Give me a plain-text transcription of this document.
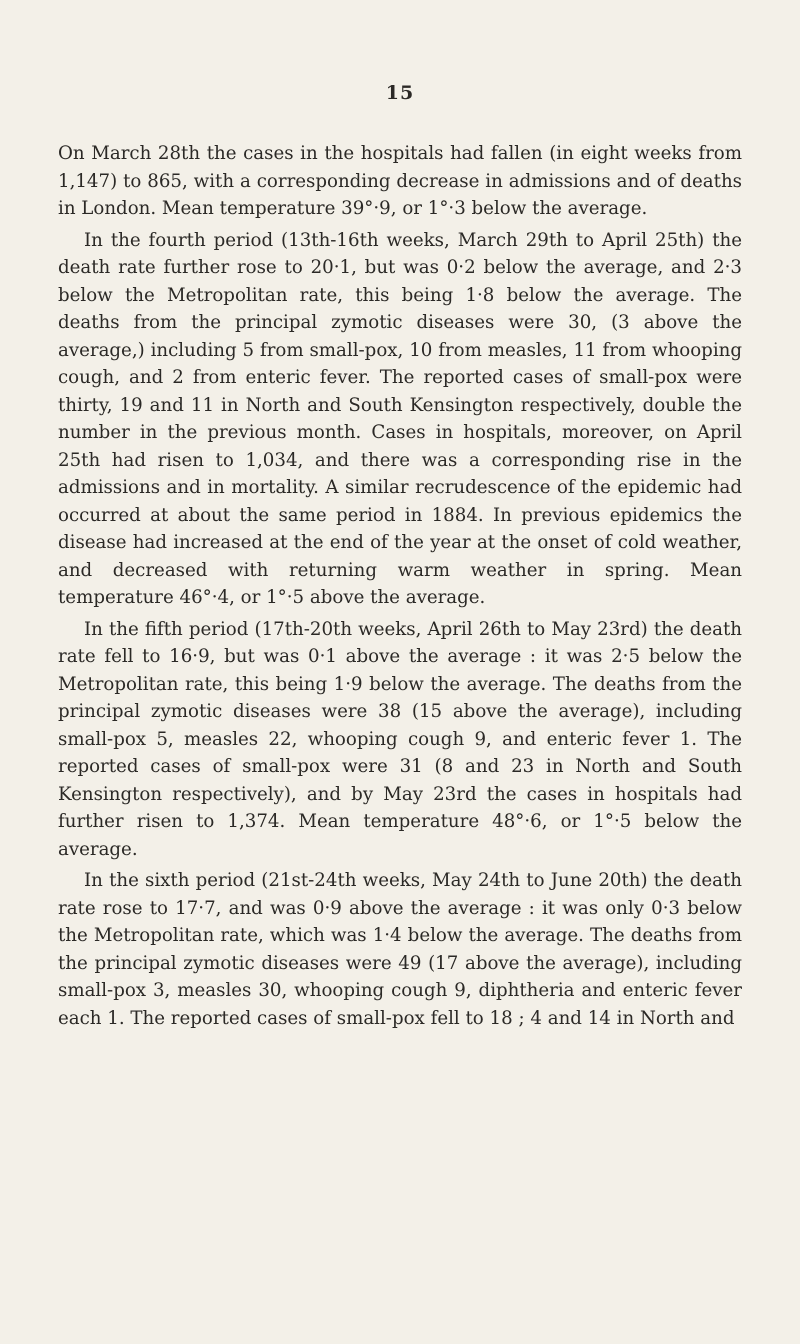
15

On March 28th the cases in the hospitals had fallen (in eight weeks from 1,147) to 865, with a corresponding decrease in admissions and of deaths in London. Mean temperature 39°·9, or 1°·3 below the average.

In the fourth period (13th-16th weeks, March 29th to April 25th) the death rate further rose to 20·1, but was 0·2 below the average, and 2·3 below the Metropolitan rate, this being 1·8 below the average. The deaths from the principal zymotic diseases were 30, (3 above the average,) including 5 from small-pox, 10 from measles, 11 from whooping cough, and 2 from enteric fever. The reported cases of small-pox were thirty, 19 and 11 in North and South Kensington respectively, double the number in the previous month. Cases in hospitals, moreover, on April 25th had risen to 1,034, and there was a corresponding rise in the admissions and in mortality. A similar recrudescence of the epidemic had occurred at about the same period in 1884. In previous epidemics the disease had increased at the end of the year at the onset of cold weather, and decreased with returning warm weather in spring. Mean temperature 46°·4, or 1°·5 above the average.

In the fifth period (17th-20th weeks, April 26th to May 23rd) the death rate fell to 16·9, but was 0·1 above the average : it was 2·5 below the Metropolitan rate, this being 1·9 below the average. The deaths from the principal zymotic diseases were 38 (15 above the average), including small-pox 5, measles 22, whooping cough 9, and enteric fever 1. The reported cases of small-pox were 31 (8 and 23 in North and South Kensington respectively), and by May 23rd the cases in hospitals had further risen to 1,374. Mean temperature 48°·6, or 1°·5 below the average.

In the sixth period (21st-24th weeks, May 24th to June 20th) the death rate rose to 17·7, and was 0·9 above the average : it was only 0·3 below the Metropolitan rate, which was 1·4 below the average. The deaths from the principal zymotic diseases were 49 (17 above the average), including small-pox 3, measles 30, whooping cough 9, diphtheria and enteric fever each 1. The reported cases of small-pox fell to 18 ; 4 and 14 in North and
